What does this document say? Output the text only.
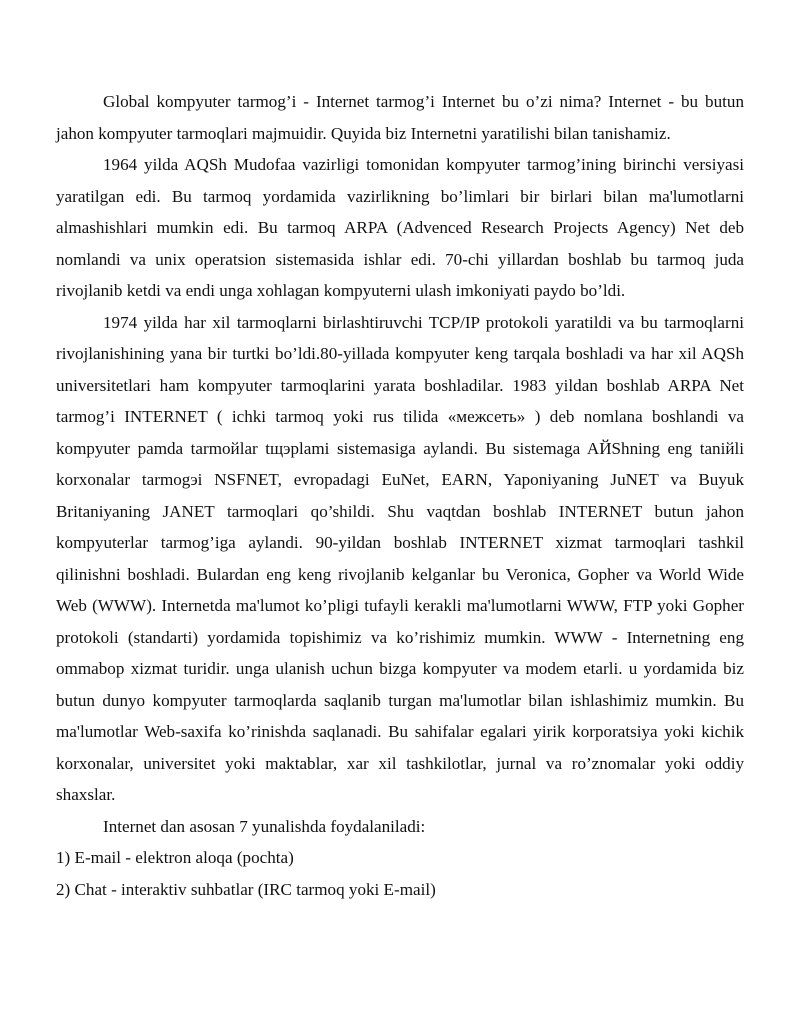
Global kompyuter tarmog’i - Internet tarmog’i Internet bu o’zi nima? Internet - bu butun jahon kompyuter tarmoqlari majmuidir. Quyida biz Internetni yaratilishi bilan tanishamiz.

1964 yilda AQSh Mudofaa vazirligi tomonidan kompyuter tarmog’ining birinchi versiyasi yaratilgan edi. Bu tarmoq yordamida vazirlikning bo’limlari bir birlari bilan ma'lumotlarni almashishlari mumkin edi. Bu tarmoq ARPA (Advenced Research Projects Agency) Net deb nomlandi va unix operatsion sistemasida ishlar edi. 70-chi yillardan boshlab bu tarmoq juda rivojlanib ketdi va endi unga xohlagan kompyuterni ulash imkoniyati paydo bo’ldi.

1974 yilda har xil tarmoqlarni birlashtiruvchi TCP/IP protokoli yaratildi va bu tarmoqlarni rivojlanishining yana bir turtki bo’ldi.80-yillada kompyuter keng tarqala boshladi va har xil AQSh universitetlari ham kompyuter tarmoqlarini yarata boshladilar. 1983 yildan boshlab ARPA Net tarmog’i INTERNET ( ichki tarmoq yoki rus tilida «межсеть» ) deb nomlana boshlandi va kompyuter pamda tarmoйlar tщэрlami sistemasiga aylandi. Bu sistemaga AЙShning eng taniйli korxonalar tarmogэi NSFNET, evropadagi EuNet, EARN, Yaponiyaning JuNET va Buyuk Britaniyaning JANET tarmoqlari qo’shildi. Shu vaqtdan boshlab INTERNET butun jahon kompyuterlar tarmog’iga aylandi. 90-yildan boshlab INTERNET xizmat tarmoqlari tashkil qilinishni boshladi. Bulardan eng keng rivojlanib kelganlar bu Veronica, Gopher va World Wide Web (WWW). Internetda ma'lumot ko’pligi tufayli kerakli ma'lumotlarni WWW, FTP yoki Gopher protokoli (standarti) yordamida topishimiz va ko’rishimiz mumkin. WWW - Internetning eng ommabop xizmat turidir. unga ulanish uchun bizga kompyuter va modem etarli. u yordamida biz butun dunyo kompyuter tarmoqlarda saqlanib turgan ma'lumotlar bilan ishlashimiz mumkin. Bu ma'lumotlar Web-saxifa ko’rinishda saqlanadi. Bu sahifalar egalari yirik korporatsiya yoki kichik korxonalar, universitet yoki maktablar, xar xil tashkilotlar, jurnal va ro’znomalar yoki oddiy shaxslar.

Internet dan asosan 7 yunalishda foydalaniladi:

1) E-mail - elektron aloqa (pochta)
2) Chat - interaktiv suhbatlar (IRC tarmoq yoki E-mail)
